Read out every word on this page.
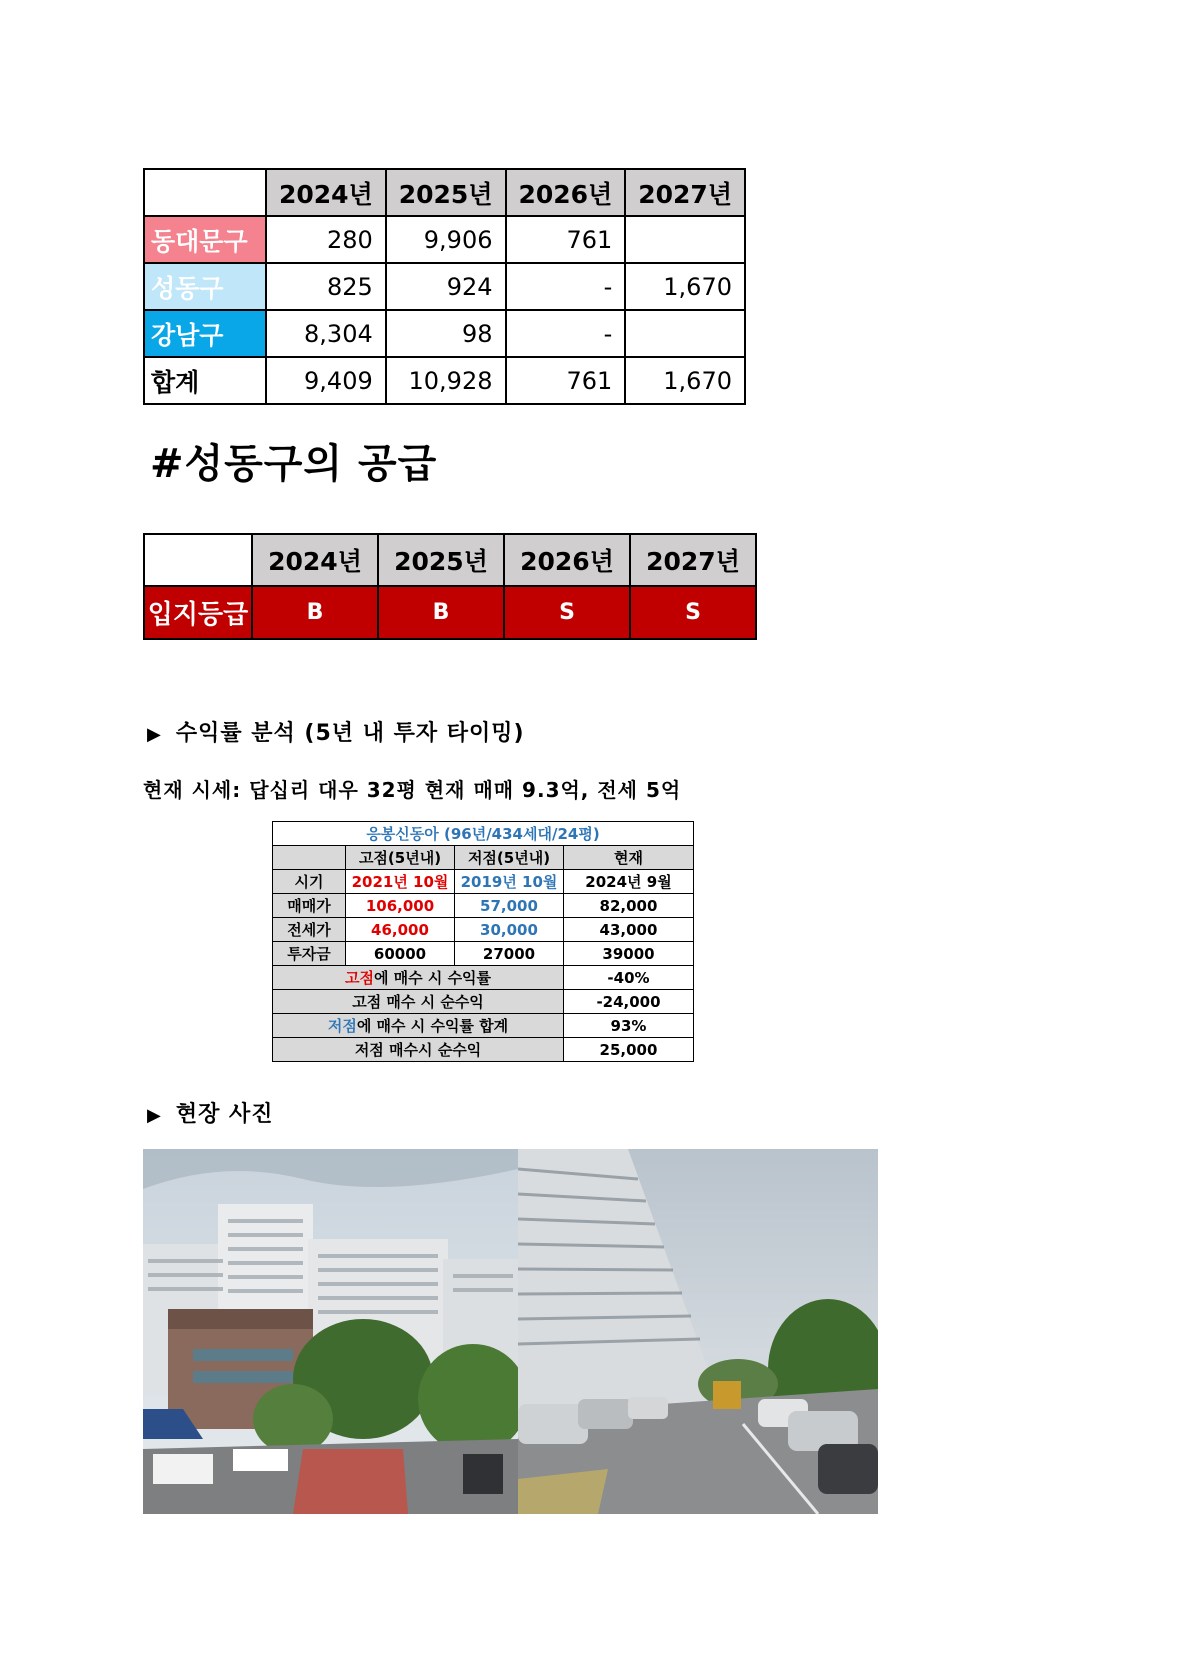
	2024년	2025년	2026년	2027년
동대문구	280	9,906	761	
성동구	825	924	-	1,670
강남구	8,304	98	-	
합계	9,409	10,928	761	1,670
#성동구의 공급
	2024년	2025년	2026년	2027년
입지등급	B	B	S	S
▶ 수익률 분석 (5년 내 투자 타이밍)
현재 시세: 답십리 대우 32평 현재 매매 9.3억, 전세 5억
응봉신동아 (96년/434세대/24평)			
	고점(5년내)	저점(5년내)	현재
시기	2021년 10월	2019년 10월	2024년 9월
매매가	106,000	57,000	82,000
전세가	46,000	30,000	43,000
투자금	60000	27000	39000
고점에 매수 시 수익률			-40%
고점 매수 시 순수익			-24,000
저점에 매수 시 수익률 합계			93%
저점 매수시 순수익			25,000
▶ 현장 사진
